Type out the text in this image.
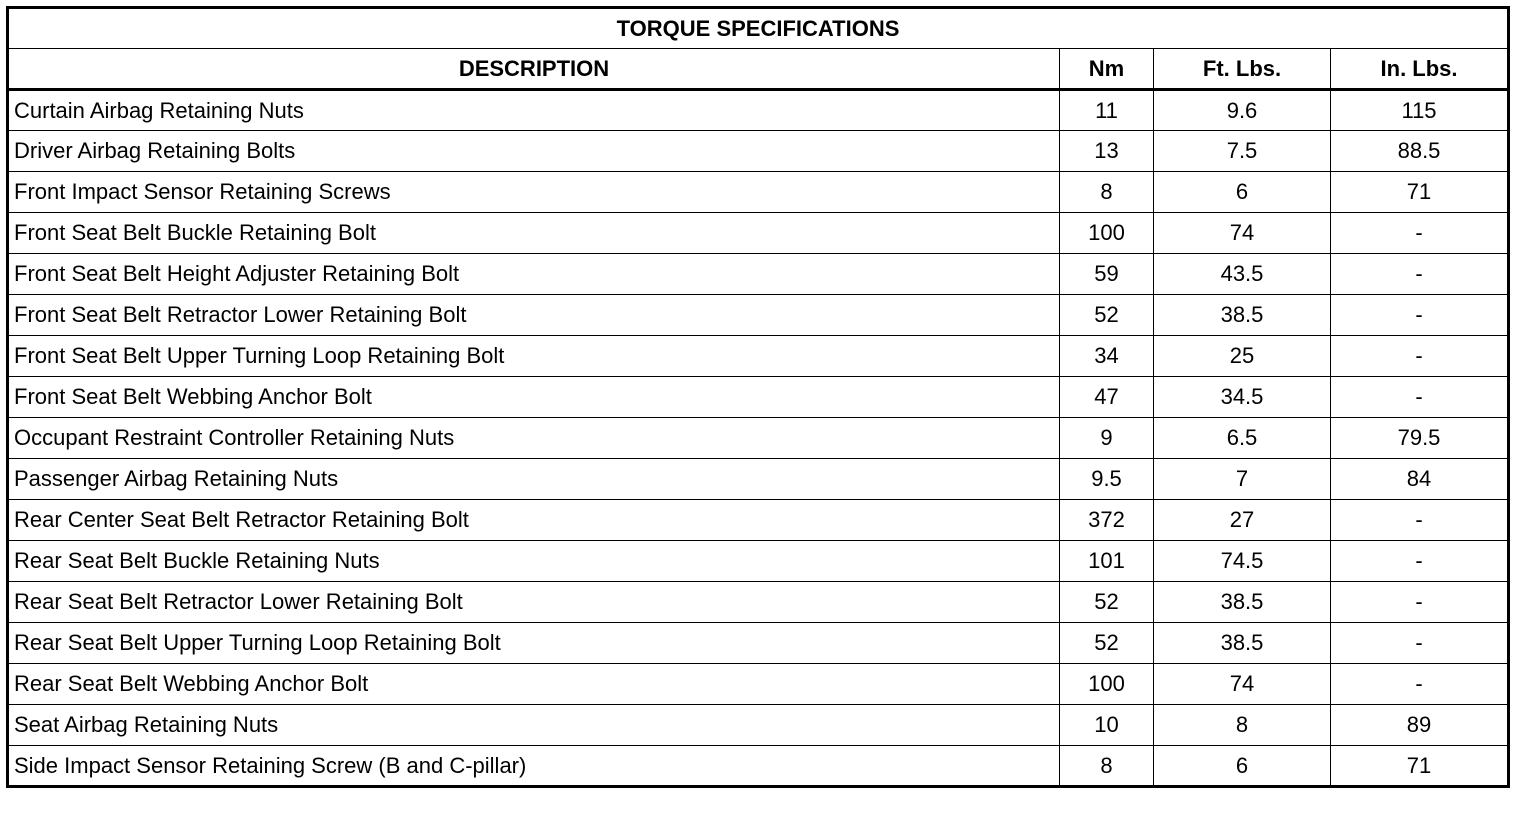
TORQUE SPECIFICATIONS			
DESCRIPTION	Nm	Ft. Lbs.	In. Lbs.
Curtain Airbag Retaining Nuts	11	9.6	115
Driver Airbag Retaining Bolts	13	7.5	88.5
Front Impact Sensor Retaining Screws	8	6	71
Front Seat Belt Buckle Retaining Bolt	100	74	-
Front Seat Belt Height Adjuster Retaining Bolt	59	43.5	-
Front Seat Belt Retractor Lower Retaining Bolt	52	38.5	-
Front Seat Belt Upper Turning Loop Retaining Bolt	34	25	-
Front Seat Belt Webbing Anchor Bolt	47	34.5	-
Occupant Restraint Controller Retaining Nuts	9	6.5	79.5
Passenger Airbag Retaining Nuts	9.5	7	84
Rear Center Seat Belt Retractor Retaining Bolt	372	27	-
Rear Seat Belt Buckle Retaining Nuts	101	74.5	-
Rear Seat Belt Retractor Lower Retaining Bolt	52	38.5	-
Rear Seat Belt Upper Turning Loop Retaining Bolt	52	38.5	-
Rear Seat Belt Webbing Anchor Bolt	100	74	-
Seat Airbag Retaining Nuts	10	8	89
Side Impact Sensor Retaining Screw (B and C-pillar)	8	6	71
